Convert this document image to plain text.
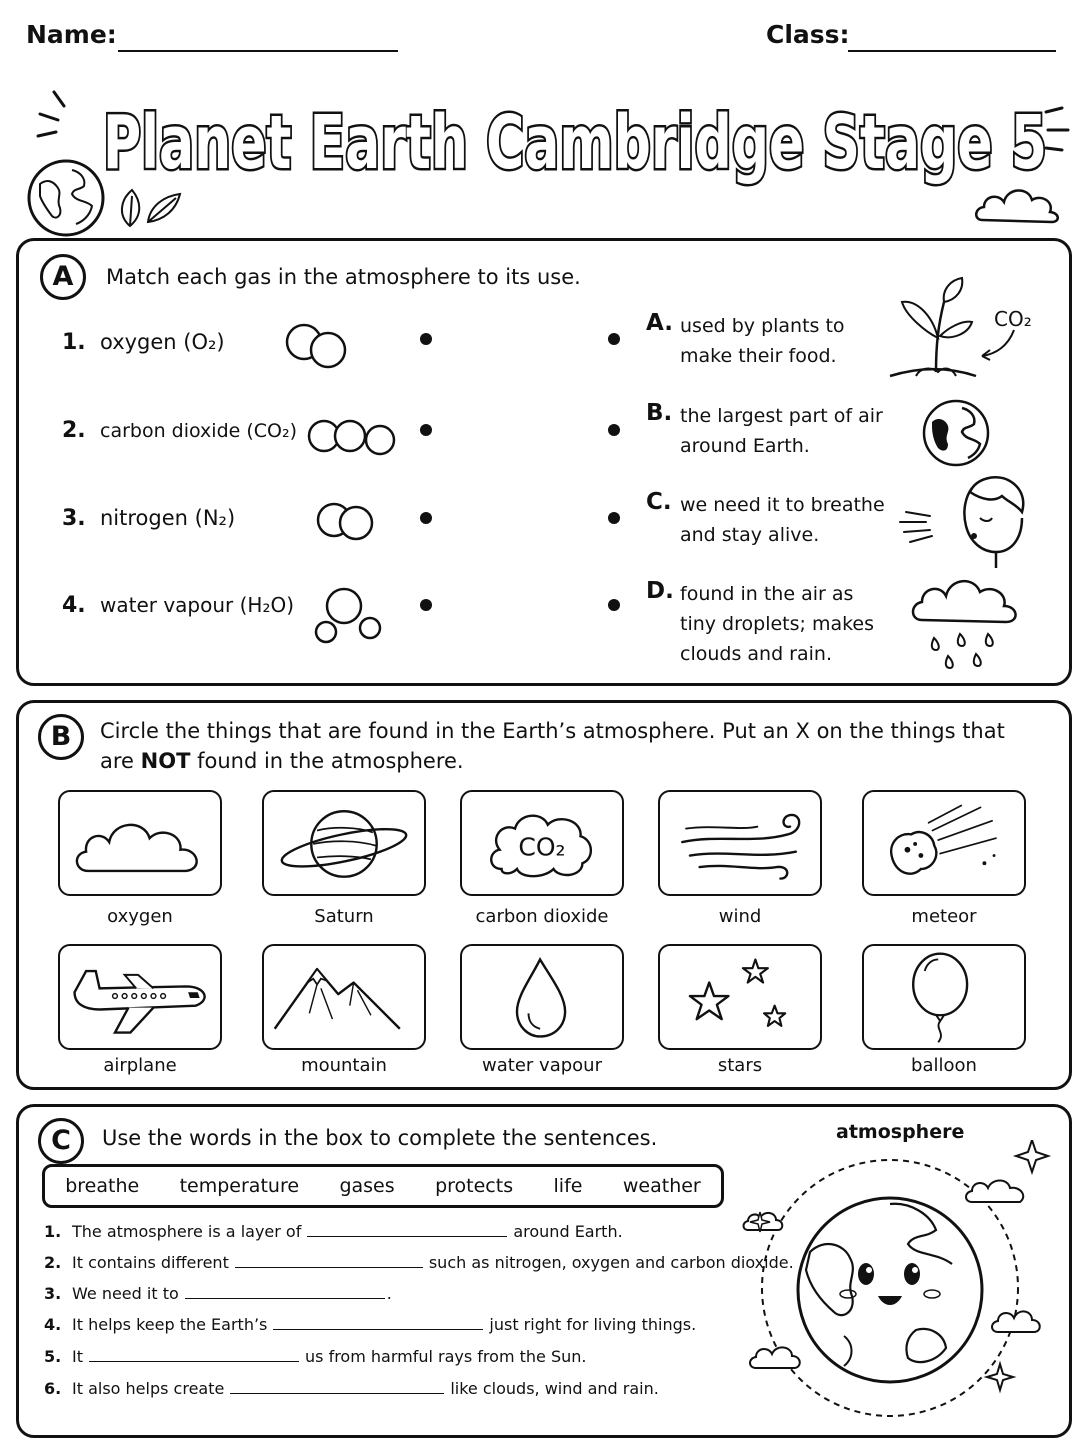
Name:	Class:
Planet Earth Cambridge Stage 5
A	Match each gas in the atmosphere to its use.
1. oxygen (O₂)
2. carbon dioxide (CO₂)
3. nitrogen (N₂)
4. water vapour (H₂O)
A. used by plants to make their food.
B. the largest part of air around Earth.
C. we need it to breathe and stay alive.
D. found in the air as tiny droplets; makes clouds and rain.
CO₂
B	Circle the things that are found in the Earth’s atmosphere. Put an X on the things that
are NOT found in the atmosphere.
CO₂
oxygen	Saturn	carbon dioxide	wind	meteor
airplane	mountain	water vapour	stars	balloon
C	Use the words in the box to complete the sentences.
breathe temperature gases protects life weather
1. The atmosphere is a layer of	around Earth.
2. It contains different	such as nitrogen, oxygen and carbon dioxide.
3. We need it to	.
4. It helps keep the Earth’s	just right for living things.
5. It	us from harmful rays from the Sun.
6. It also helps create	like clouds, wind and rain.
atmosphere
